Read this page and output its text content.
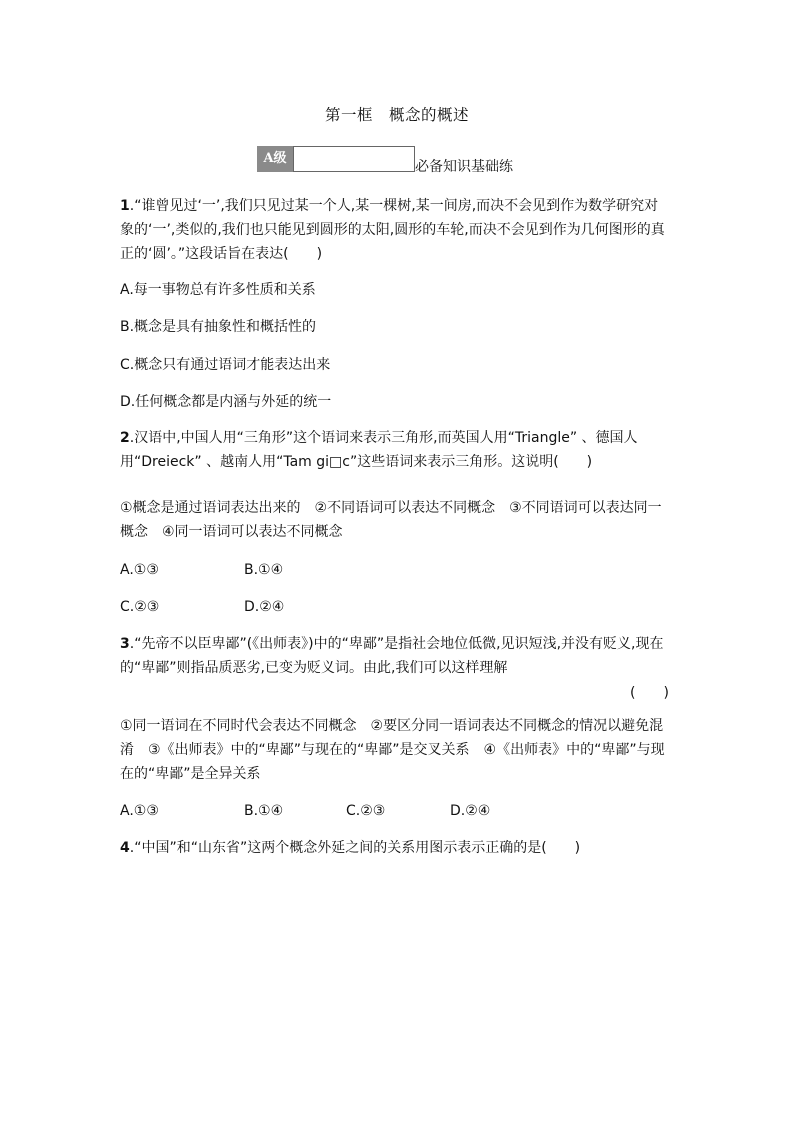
第一框　概念的概述
A级
必备知识基础练
1.“谁曾见过‘一’,我们只见过某一个人,某一棵树,某一间房,而决不会见到作为数学研究对象的‘一’,类似的,我们也只能见到圆形的太阳,圆形的车轮,而决不会见到作为几何图形的真正的‘圆’。”这段话旨在表达(　　)
A.每一事物总有许多性质和关系
B.概念是具有抽象性和概括性的
C.概念只有通过语词才能表达出来
D.任何概念都是内涵与外延的统一
2.汉语中,中国人用“三角形”这个语词来表示三角形,而英国人用“Triangle” 、德国人用“Dreieck” 、越南人用“Tam gi□c”这些语词来表示三角形。这说明(　　)
①概念是通过语词表达出来的　②不同语词可以表达不同概念　③不同语词可以表达同一概念　④同一语词可以表达不同概念
A.①③	B.①④
C.②③	D.②④
3.“先帝不以臣卑鄙”(《出师表》)中的“卑鄙”是指社会地位低微,见识短浅,并没有贬义,现在的“卑鄙”则指品质恶劣,已变为贬义词。由此,我们可以这样理解
(　　)
①同一语词在不同时代会表达不同概念　②要区分同一语词表达不同概念的情况以避免混淆　③《出师表》中的“卑鄙”与现在的“卑鄙”是交叉关系　④《出师表》中的“卑鄙”与现在的“卑鄙”是全异关系
A.①③	B.①④	C.②③	D.②④
4.“中国”和“山东省”这两个概念外延之间的关系用图示表示正确的是(　　)
